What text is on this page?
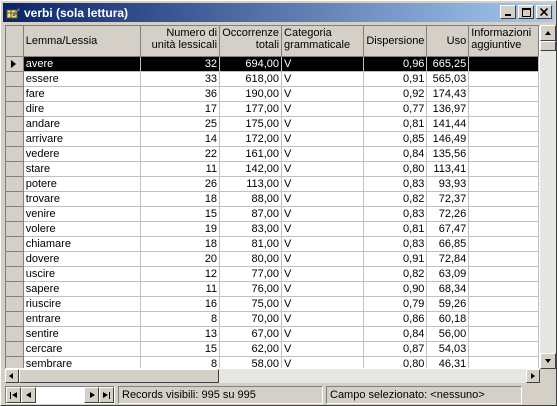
verbi (sola lettura)
	Lemma/Lessia	Numero di unità lessicali	Occorrenze totali	Categoria grammaticale	Dispersione	Uso	Informazioni aggiuntive

	avere	32	694,00	V	0,96	665,25	
	essere	33	618,00	V	0,91	565,03	
	fare	36	190,00	V	0,92	174,43	
	dire	17	177,00	V	0,77	136,97	
	andare	25	175,00	V	0,81	141,44	
	arrivare	14	172,00	V	0,85	146,49	
	vedere	22	161,00	V	0,84	135,56	
	stare	11	142,00	V	0,80	113,41	
	potere	26	113,00	V	0,83	93,93	
	trovare	18	88,00	V	0,82	72,37	
	venire	15	87,00	V	0,83	72,26	
	volere	19	83,00	V	0,81	67,47	
	chiamare	18	81,00	V	0,83	66,85	
	dovere	20	80,00	V	0,91	72,84	
	uscire	12	77,00	V	0,82	63,09	
	sapere	11	76,00	V	0,90	68,34	
	riuscire	16	75,00	V	0,79	59,26	
	entrare	8	70,00	V	0,86	60,18	
	sentire	13	67,00	V	0,84	56,00	
	cercare	15	62,00	V	0,87	54,03	
	sembrare	8	58,00	V	0,80	46,31	
Records visibili: 995 su 995	Campo selezionato: <nessuno>
